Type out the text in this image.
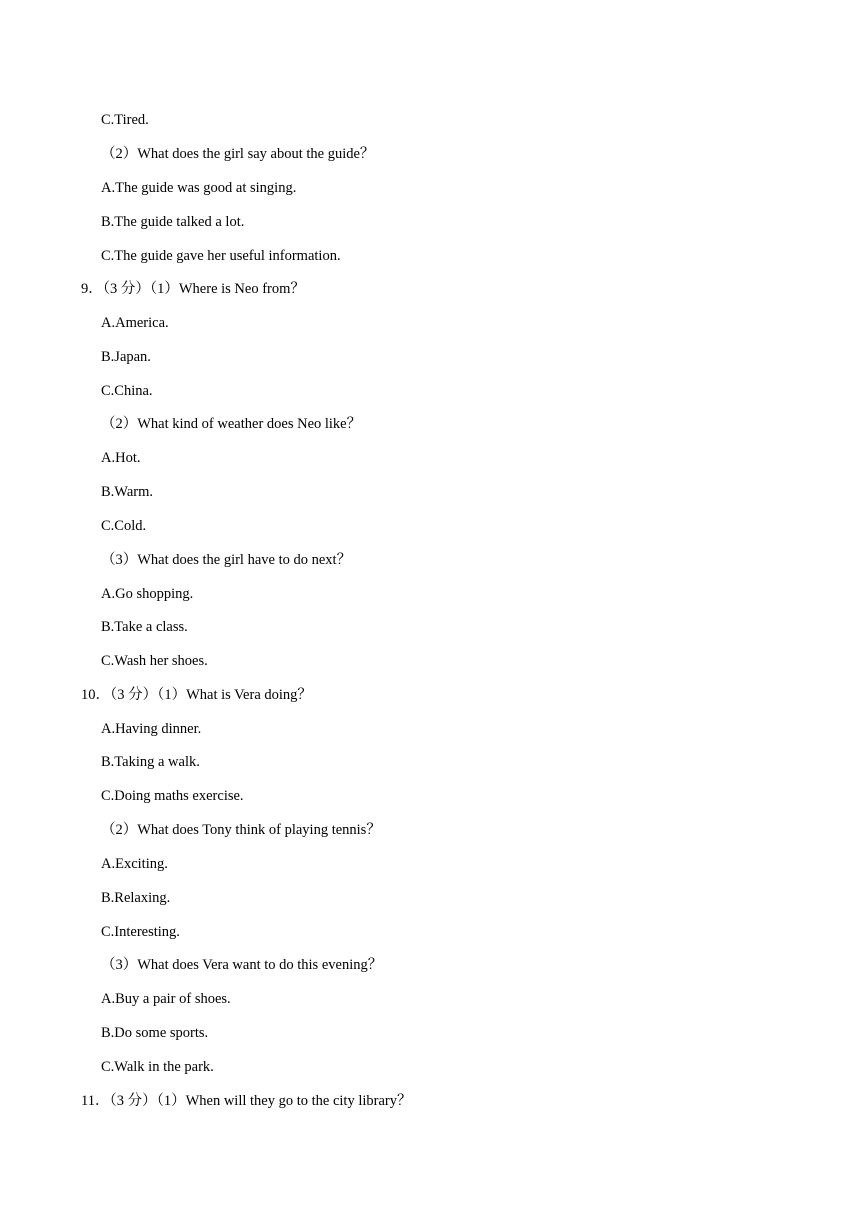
C.Tired.
（2）What does the girl say about the guide？
A.The guide was good at singing.
B.The guide talked a lot.
C.The guide gave her useful information.
9．（3 分）（1）Where is Neo from？
A.America.
B.Japan.
C.China.
（2）What kind of weather does Neo like？
A.Hot.
B.Warm.
C.Cold.
（3）What does the girl have to do next？
A.Go shopping.
B.Take a class.
C.Wash her shoes.
10．（3 分）（1）What is Vera doing？
A.Having dinner.
B.Taking a walk.
C.Doing maths exercise.
（2）What does Tony think of playing tennis？
A.Exciting.
B.Relaxing.
C.Interesting.
（3）What does Vera want to do this evening？
A.Buy a pair of shoes.
B.Do some sports.
C.Walk in the park.
11．（3 分）（1）When will they go to the city library？
